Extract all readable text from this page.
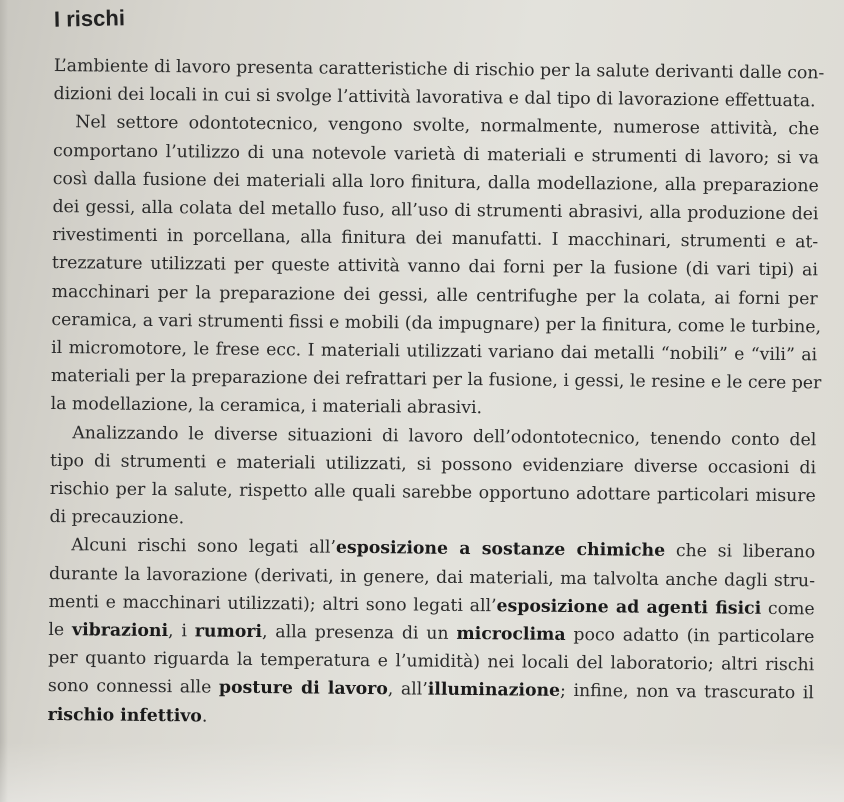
I rischi

L’ambiente di lavoro presenta caratteristiche di rischio per la salute derivanti dalle con-
dizioni dei locali in cui si svolge l’attività lavorativa e dal tipo di lavorazione effettuata.

Nel settore odontotecnico, vengono svolte, normalmente, numerose attività, che
comportano l’utilizzo di una notevole varietà di materiali e strumenti di lavoro; si va
così dalla fusione dei materiali alla loro finitura, dalla modellazione, alla preparazione
dei gessi, alla colata del metallo fuso, all’uso di strumenti abrasivi, alla produzione dei
rivestimenti in porcellana, alla finitura dei manufatti. I macchinari, strumenti e at-
trezzature utilizzati per queste attività vanno dai forni per la fusione (di vari tipi) ai
macchinari per la preparazione dei gessi, alle centrifughe per la colata, ai forni per
ceramica, a vari strumenti fissi e mobili (da impugnare) per la finitura, come le turbine,
il micromotore, le frese ecc. I materiali utilizzati variano dai metalli “nobili” e “vili” ai
materiali per la preparazione dei refrattari per la fusione, i gessi, le resine e le cere per
la modellazione, la ceramica, i materiali abrasivi.

Analizzando le diverse situazioni di lavoro dell’odontotecnico, tenendo conto del
tipo di strumenti e materiali utilizzati, si possono evidenziare diverse occasioni di
rischio per la salute, rispetto alle quali sarebbe opportuno adottare particolari misure
di precauzione.

Alcuni rischi sono legati all’esposizione a sostanze chimiche che si liberano
durante la lavorazione (derivati, in genere, dai materiali, ma talvolta anche dagli stru-
menti e macchinari utilizzati); altri sono legati all’esposizione ad agenti fisici come
le vibrazioni, i rumori, alla presenza di un microclima poco adatto (in particolare
per quanto riguarda la temperatura e l’umidità) nei locali del laboratorio; altri rischi
sono connessi alle posture di lavoro, all’illuminazione; infine, non va trascurato il
rischio infettivo.
